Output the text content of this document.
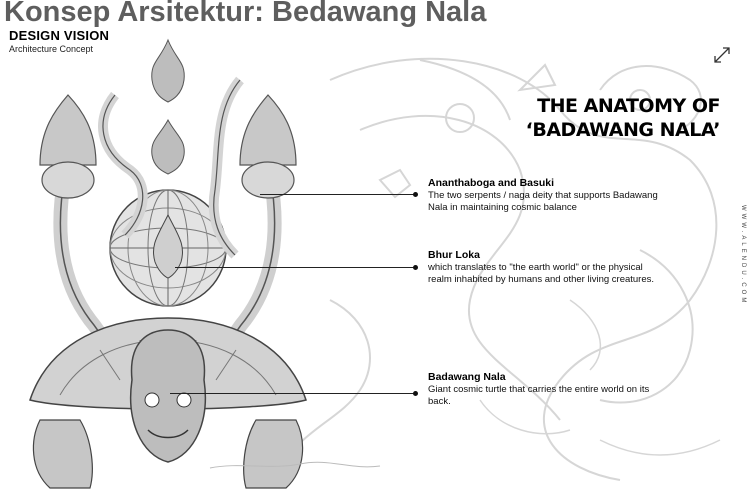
Konsep Arsitektur: Bedawang Nala
DESIGN VISION
Architecture Concept
THE ANATOMY OF
‘BADAWANG NALA’
Ananthaboga and Basuki
The two serpents / naga deity that supports Badawang Nala in maintaining cosmic balance
Bhur Loka
which translates to "the earth world" or the physical realm inhabited by humans and other living creatures.
Badawang Nala
Giant cosmic turtle that carries the entire world on its back.
WWW.ALENDU.COM
